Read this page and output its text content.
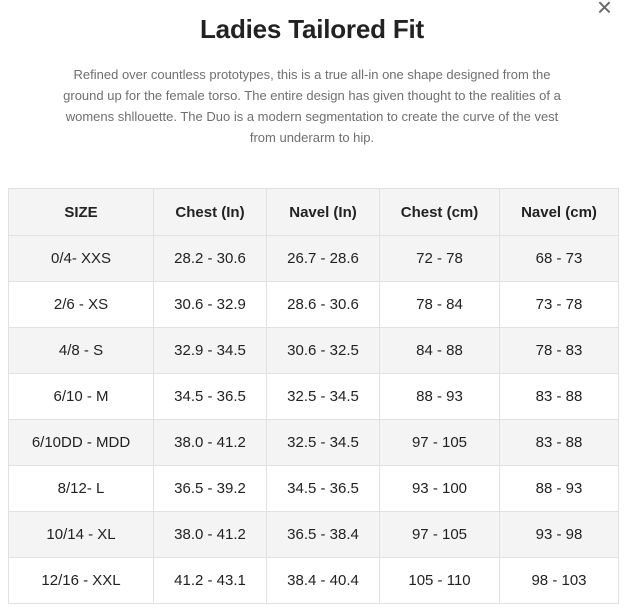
×
Ladies Tailored Fit
Refined over countless prototypes, this is a true all-in one shape designed from the ground up for the female torso. The entire design has given thought to the realities of a womens shllouette. The Duo is a modern segmentation to create the curve of the vest from underarm to hip.
SIZE	Chest (In)	Navel (In)	Chest (cm)	Navel (cm)
0/4- XXS	28.2 - 30.6	26.7 - 28.6	72 - 78	68 - 73
2/6 - XS	30.6 - 32.9	28.6 - 30.6	78 - 84	73 - 78
4/8 - S	32.9 - 34.5	30.6 - 32.5	84 - 88	78 - 83
6/10 - M	34.5 - 36.5	32.5 - 34.5	88 - 93	83 - 88
6/10DD - MDD	38.0 - 41.2	32.5 - 34.5	97 - 105	83 - 88
8/12- L	36.5 - 39.2	34.5 - 36.5	93 - 100	88 - 93
10/14 - XL	38.0 - 41.2	36.5 - 38.4	97 - 105	93 - 98
12/16 - XXL	41.2 - 43.1	38.4 - 40.4	105 - 110	98 - 103
